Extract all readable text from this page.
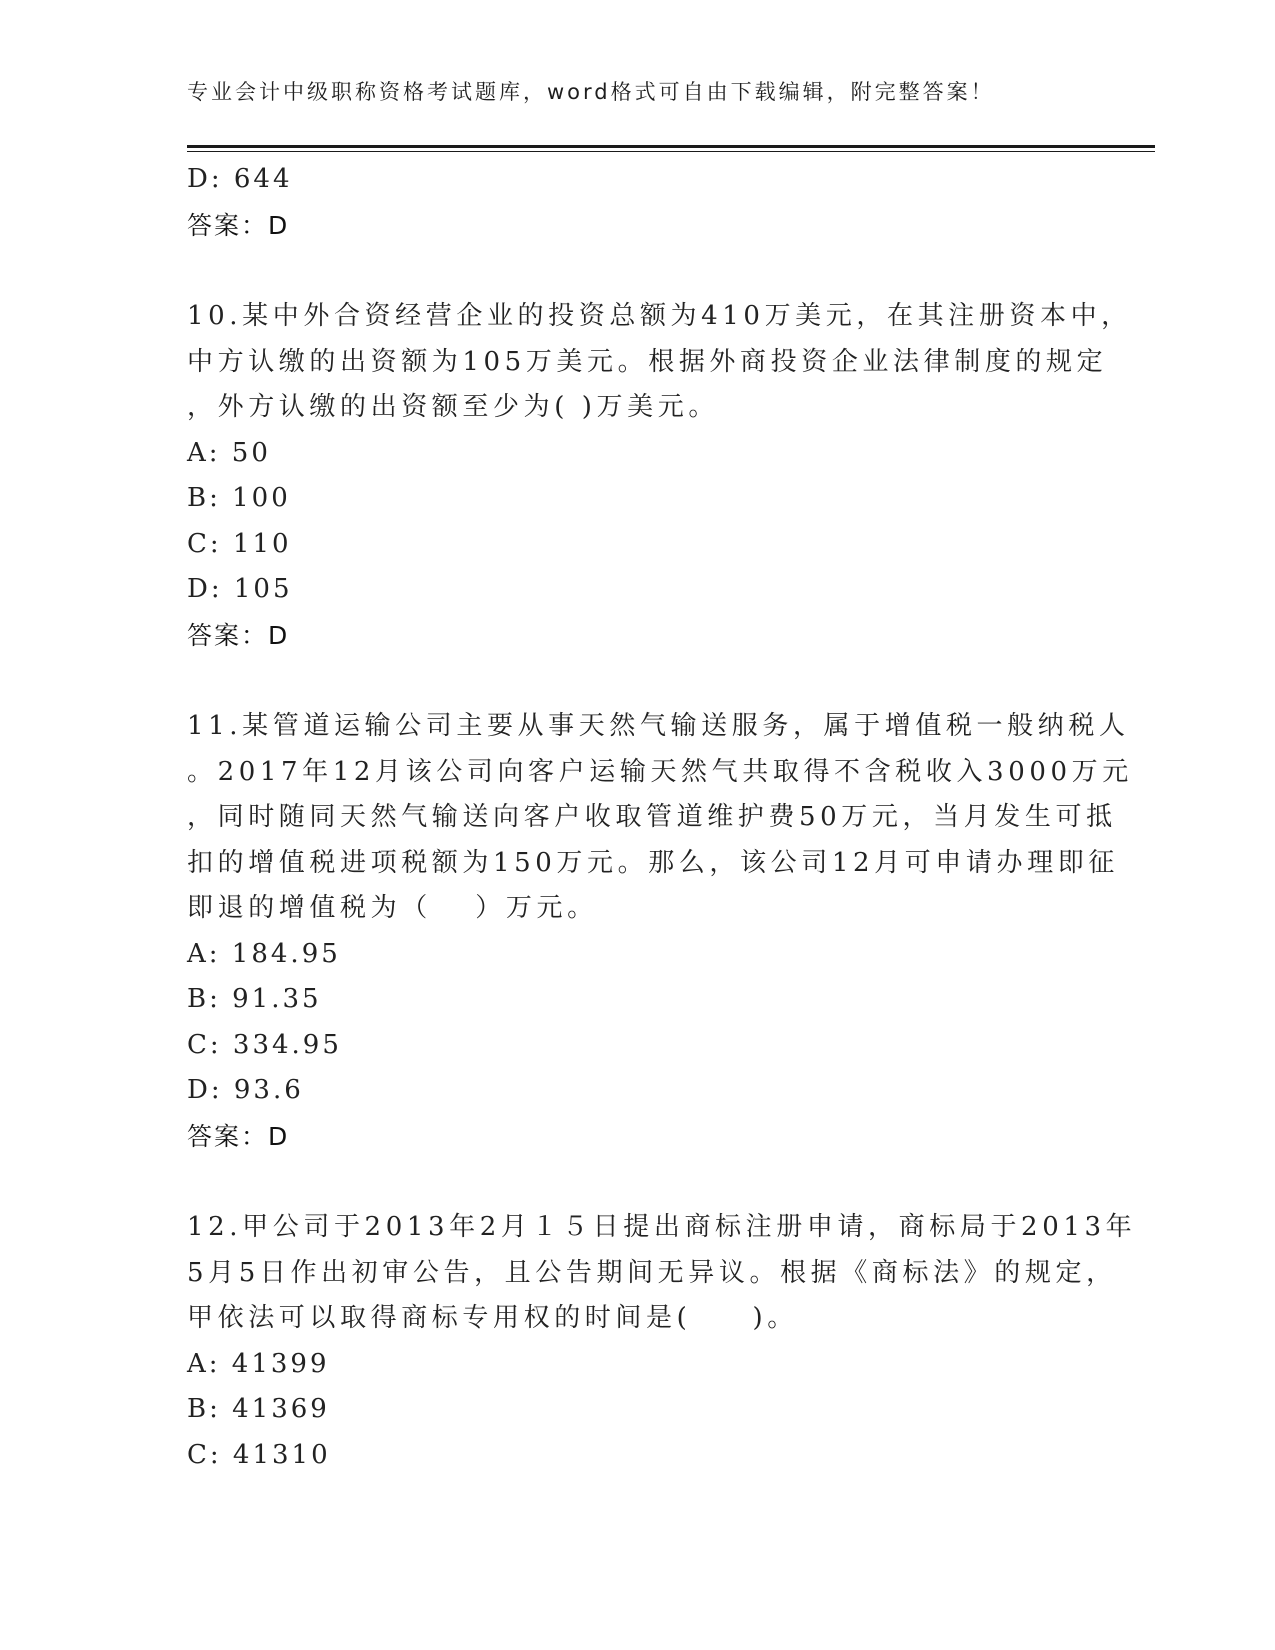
专业会计中级职称资格考试题库，word格式可自由下载编辑，附完整答案！
D: 644
答案：D
10.某中外合资经营企业的投资总额为410万美元，在其注册资本中，
中方认缴的出资额为105万美元。根据外商投资企业法律制度的规定
，外方认缴的出资额至少为( )万美元。
A: 50
B: 100
C: 110
D: 105
答案：D
11.某管道运输公司主要从事天然气输送服务，属于增值税一般纳税人
。2017年12月该公司向客户运输天然气共取得不含税收入3000万元
，同时随同天然气输送向客户收取管道维护费50万元，当月发生可抵
扣的增值税进项税额为150万元。那么，该公司12月可申请办理即征
即退的增值税为（　 ）万元。
A: 184.95
B: 91.35
C: 334.95
D: 93.6
答案：D
12.甲公司于2013年2月１５日提出商标注册申请，商标局于2013年
5月5日作出初审公告，且公告期间无异议。根据《商标法》的规定，
甲依法可以取得商标专用权的时间是(　　)。
A: 41399
B: 41369
C: 41310
